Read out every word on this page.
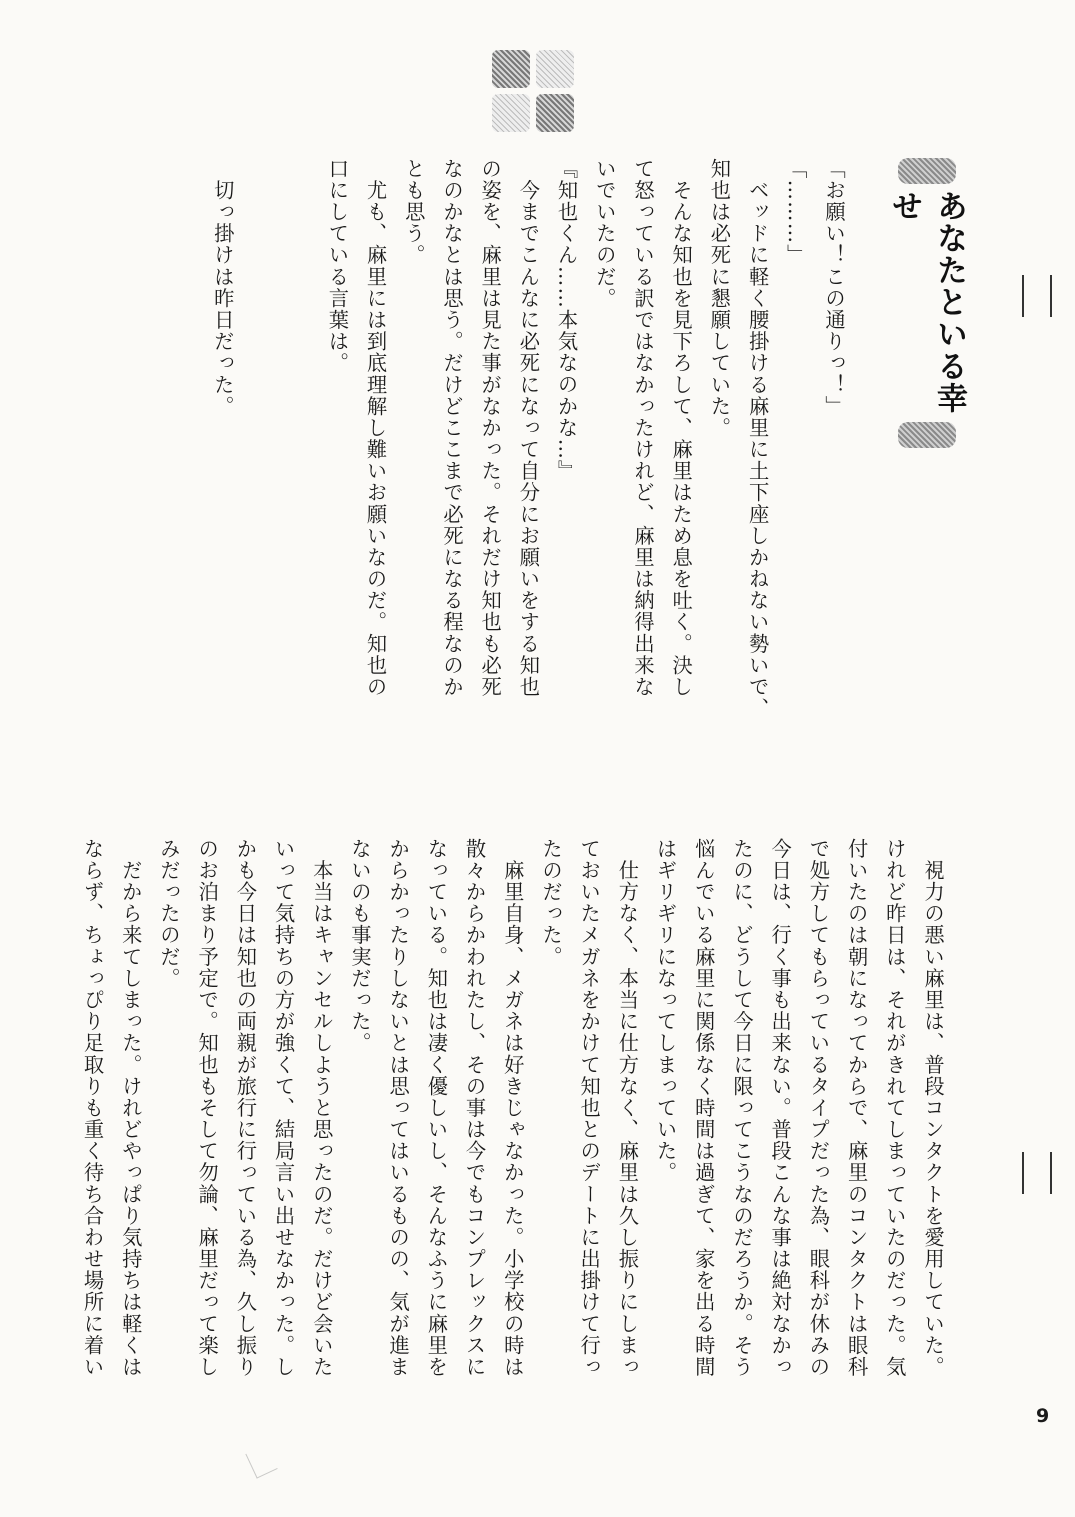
あなたといる幸せ

「お願い！この通りっ！」

「………」

　ベッドに軽く腰掛ける麻里に土下座しかねない勢いで、

知也は必死に懇願していた。

　そんな知也を見下ろして、麻里はため息を吐く。決し

て怒っている訳ではなかったけれど、麻里は納得出来な

いでいたのだ。

『知也くん……本気なのかな…』

　今までこんなに必死になって自分にお願いをする知也

の姿を、麻里は見た事がなかった。それだけ知也も必死

なのかなとは思う。だけどここまで必死になる程なのか

とも思う。

　尤も、麻里には到底理解し難いお願いなのだ。知也の

口にしている言葉は。

　切っ掛けは昨日だった。

　視力の悪い麻里は、普段コンタクトを愛用していた。

けれど昨日は、それがきれてしまっていたのだった。気

付いたのは朝になってからで、麻里のコンタクトは眼科

で処方してもらっているタイプだった為、眼科が休みの

今日は、行く事も出来ない。普段こんな事は絶対なかっ

たのに、どうして今日に限ってこうなのだろうか。そう

悩んでいる麻里に関係なく時間は過ぎて、家を出る時間

はギリギリになってしまっていた。

　仕方なく、本当に仕方なく、麻里は久し振りにしまっ

ておいたメガネをかけて知也とのデートに出掛けて行っ

たのだった。

　麻里自身、メガネは好きじゃなかった。小学校の時は

散々からかわれたし、その事は今でもコンプレックスに

なっている。知也は凄く優しいし、そんなふうに麻里を

からかったりしないとは思ってはいるものの、気が進ま

ないのも事実だった。

　本当はキャンセルしようと思ったのだ。だけど会いた

いって気持ちの方が強くて、結局言い出せなかった。し

かも今日は知也の両親が旅行に行っている為、久し振り

のお泊まり予定で。知也もそして勿論、麻里だって楽し

みだったのだ。

　だから来てしまった。けれどやっぱり気持ちは軽くは

ならず、ちょっぴり足取りも重く待ち合わせ場所に着い

9
